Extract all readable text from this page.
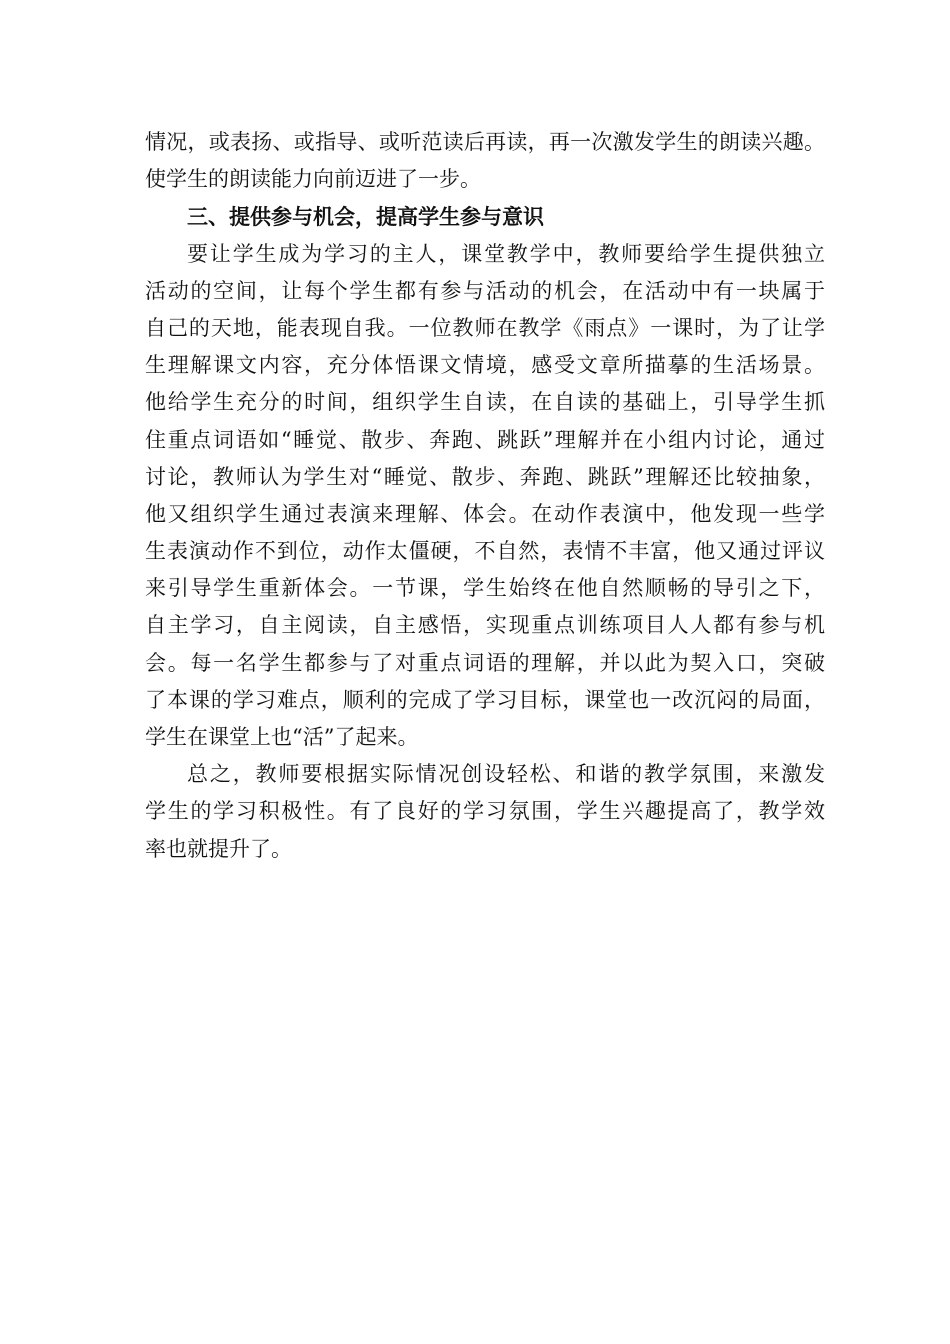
情况，或表扬、或指导、或听范读后再读，再一次激发学生的朗读兴趣。
使学生的朗读能力向前迈进了一步。
三、提供参与机会，提高学生参与意识
要让学生成为学习的主人，课堂教学中，教师要给学生提供独立
活动的空间，让每个学生都有参与活动的机会，在活动中有一块属于
自己的天地，能表现自我。一位教师在教学《雨点》一课时，为了让学
生理解课文内容，充分体悟课文情境，感受文章所描摹的生活场景。
他给学生充分的时间，组织学生自读，在自读的基础上，引导学生抓
住重点词语如“睡觉、散步、奔跑、跳跃”理解并在小组内讨论，通过
讨论，教师认为学生对“睡觉、散步、奔跑、跳跃”理解还比较抽象，
他又组织学生通过表演来理解、体会。在动作表演中，他发现一些学
生表演动作不到位，动作太僵硬，不自然，表情不丰富，他又通过评议
来引导学生重新体会。一节课，学生始终在他自然顺畅的导引之下，
自主学习，自主阅读，自主感悟，实现重点训练项目人人都有参与机
会。每一名学生都参与了对重点词语的理解，并以此为契入口，突破
了本课的学习难点，顺利的完成了学习目标，课堂也一改沉闷的局面，
学生在课堂上也“活”了起来。
总之，教师要根据实际情况创设轻松、和谐的教学氛围，来激发
学生的学习积极性。有了良好的学习氛围，学生兴趣提高了，教学效
率也就提升了。
